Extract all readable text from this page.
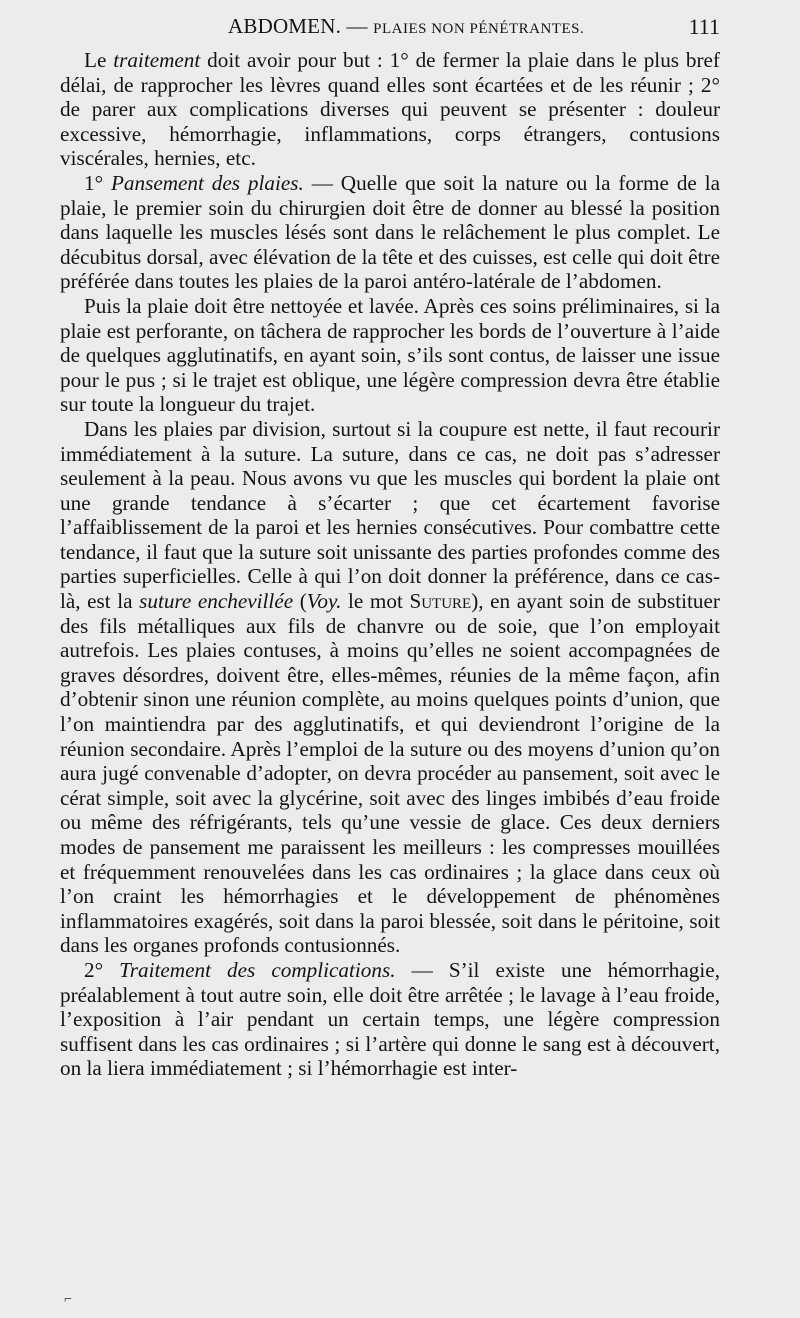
ABDOMEN. — PLAIES NON PÉNÉTRANTES.	111

Le traitement doit avoir pour but : 1° de fermer la plaie dans le plus bref délai, de rapprocher les lèvres quand elles sont écartées et de les réunir ; 2° de parer aux complications diverses qui peuvent se présenter : douleur excessive, hémorrhagie, inflammations, corps étrangers, contusions viscérales, hernies, etc.

1° Pansement des plaies. — Quelle que soit la nature ou la forme de la plaie, le premier soin du chirurgien doit être de donner au blessé la position dans laquelle les muscles lésés sont dans le relâchement le plus complet. Le décubitus dorsal, avec élévation de la tête et des cuisses, est celle qui doit être préférée dans toutes les plaies de la paroi antéro-latérale de l’abdomen.

Puis la plaie doit être nettoyée et lavée. Après ces soins préliminaires, si la plaie est perforante, on tâchera de rapprocher les bords de l’ouverture à l’aide de quelques agglutinatifs, en ayant soin, s’ils sont contus, de laisser une issue pour le pus ; si le trajet est oblique, une légère compression devra être établie sur toute la longueur du trajet.

Dans les plaies par division, surtout si la coupure est nette, il faut recourir immédiatement à la suture. La suture, dans ce cas, ne doit pas s’adresser seulement à la peau. Nous avons vu que les muscles qui bordent la plaie ont une grande tendance à s’écarter ; que cet écartement favorise l’affaiblissement de la paroi et les hernies consécutives. Pour combattre cette tendance, il faut que la suture soit unissante des parties profondes comme des parties superficielles. Celle à qui l’on doit donner la préférence, dans ce cas-là, est la suture enchevillée (Voy. le mot Suture), en ayant soin de substituer des fils métalliques aux fils de chanvre ou de soie, que l’on employait autrefois. Les plaies contuses, à moins qu’elles ne soient accompagnées de graves désordres, doivent être, elles-mêmes, réunies de la même façon, afin d’obtenir sinon une réunion complète, au moins quelques points d’union, que l’on maintiendra par des agglutinatifs, et qui deviendront l’origine de la réunion secondaire. Après l’emploi de la suture ou des moyens d’union qu’on aura jugé convenable d’adopter, on devra procéder au pansement, soit avec le cérat simple, soit avec la glycérine, soit avec des linges imbibés d’eau froide ou même des réfrigérants, tels qu’une vessie de glace. Ces deux derniers modes de pansement me paraissent les meilleurs : les compresses mouillées et fréquemment renouvelées dans les cas ordinaires ; la glace dans ceux où l’on craint les hémorrhagies et le développement de phénomènes inflammatoires exagérés, soit dans la paroi blessée, soit dans le péritoine, soit dans les organes profonds contusionnés.

2° Traitement des complications. — S’il existe une hémorrhagie, préalablement à tout autre soin, elle doit être arrêtée ; le lavage à l’eau froide, l’exposition à l’air pendant un certain temps, une légère compression suffisent dans les cas ordinaires ; si l’artère qui donne le sang est à découvert, on la liera immédiatement ; si l’hémorrhagie est inter-

⌐
